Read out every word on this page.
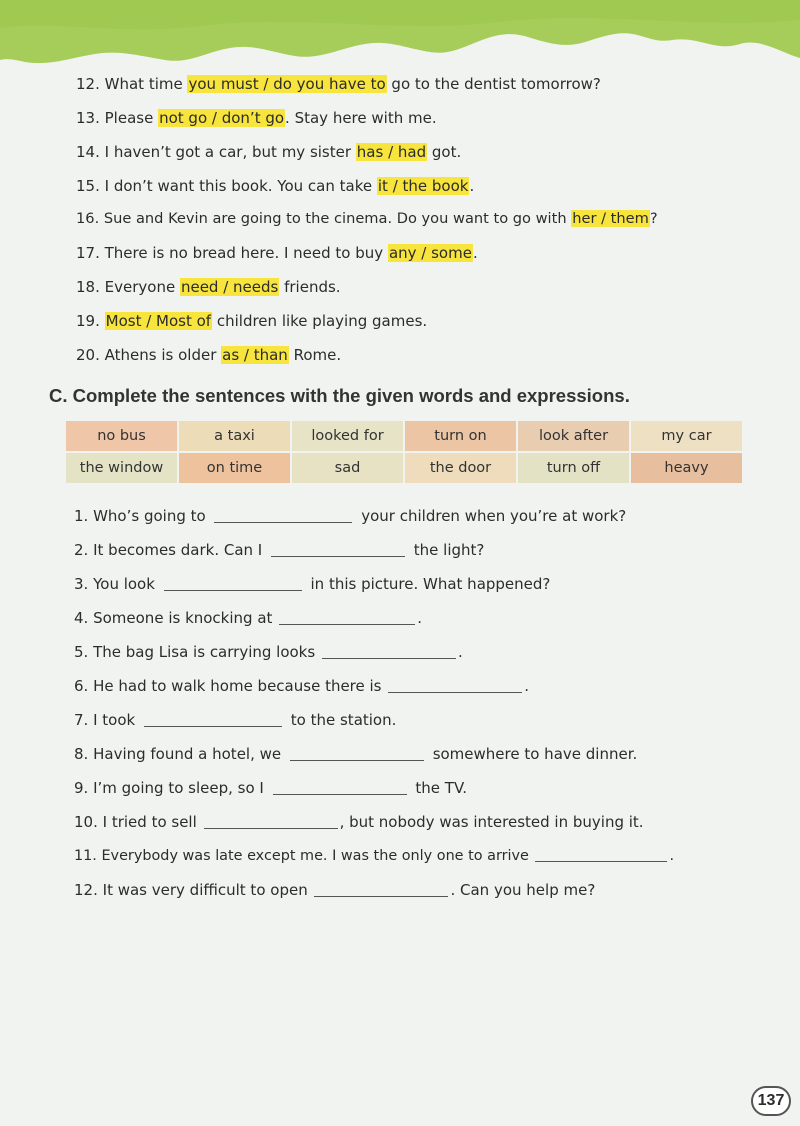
12. What time you must / do you have to go to the dentist tomorrow?
13. Please not go / don’t go. Stay here with me.
14. I haven’t got a car, but my sister has / had got.
15. I don’t want this book. You can take it / the book.
16. Sue and Kevin are going to the cinema. Do you want to go with her / them?
17. There is no bread here. I need to buy any / some.
18. Everyone need / needs friends.
19. Most / Most of children like playing games.
20. Athens is older as / than Rome.
C. Complete the sentences with the given words and expressions.
no bus	a taxi	looked for	turn on	look after	my car
the window	on time	sad	the door	turn off	heavy
1. Who’s going to	your children when you’re at work?
2. It becomes dark. Can I	the light?
3. You look	in this picture. What happened?
4. Someone is knocking at	.
5. The bag Lisa is carrying looks	.
6. He had to walk home because there is	.
7. I took	to the station.
8. Having found a hotel, we	somewhere to have dinner.
9. I’m going to sleep, so I	the TV.
10. I tried to sell	, but nobody was interested in buying it.
11. Everybody was late except me. I was the only one to arrive	.
12. It was very difficult to open	. Can you help me?
137
